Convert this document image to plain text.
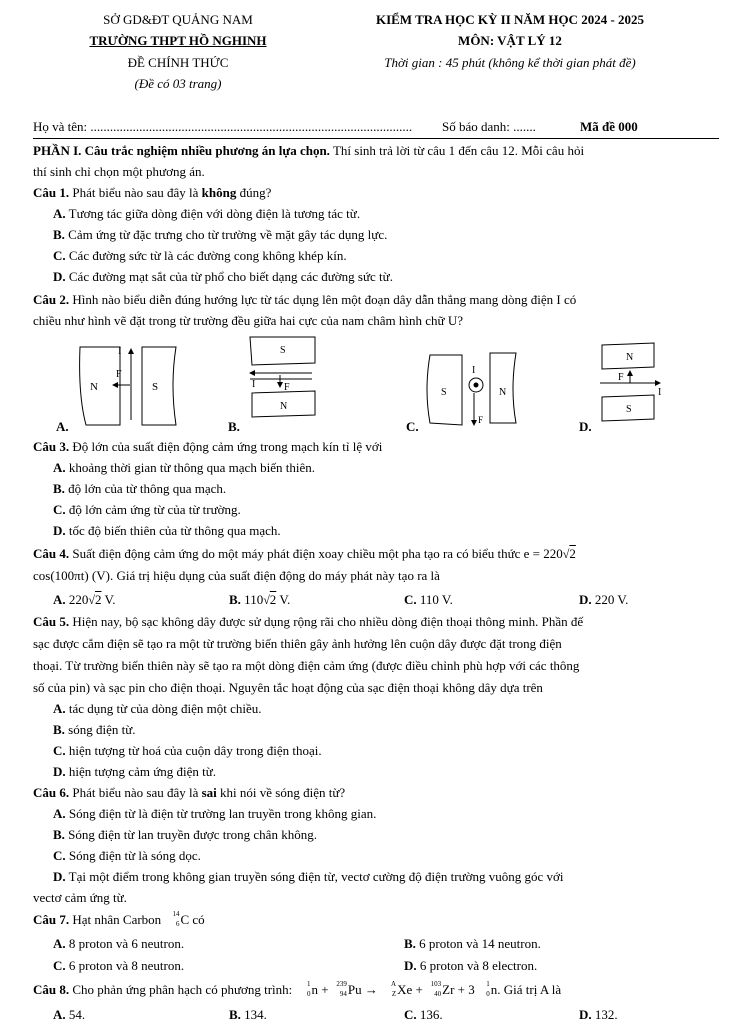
SỞ GD&ĐT QUẢNG NAM
TRƯỜNG THPT HỒ NGHINH
ĐỀ CHÍNH THỨC
(Đề có 03 trang)
KIỂM TRA HỌC KỲ II NĂM HỌC 2024 - 2025
MÔN: VẬT LÝ 12
Thời gian : 45 phút (không kể thời gian phát đề)
Họ và tên: ................................................................................................... Số báo danh: .......	Mã đề 000
PHẦN I. Câu trắc nghiệm nhiều phương án lựa chọn. Thí sinh trả lời từ câu 1 đến câu 12. Mỗi câu hỏi
thí sinh chỉ chọn một phương án.
Câu 1. Phát biểu nào sau đây là không đúng?
A. Tương tác giữa dòng điện với dòng điện là tương tác từ.
B. Cảm ứng từ đặc trưng cho từ trường về mặt gây tác dụng lực.
C. Các đường sức từ là các đường cong không khép kín.
D. Các đường mạt sắt của từ phổ cho biết dạng các đường sức từ.
Câu 2. Hình nào biểu diễn đúng hướng lực từ tác dụng lên một đoạn dây dẫn thẳng mang dòng điện I có
chiều như hình vẽ đặt trong từ trường đều giữa hai cực của nam châm hình chữ U?
N	S
I
F
A.
S
N
I	F
B.
S	N
I
F
C.
N
S
I
F
D.
Câu 3. Độ lớn của suất điện động cảm ứng trong mạch kín tỉ lệ với
A. khoảng thời gian từ thông qua mạch biến thiên.
B. độ lớn của từ thông qua mạch.
C. độ lớn cảm ứng từ của từ trường.
D. tốc độ biến thiên của từ thông qua mạch.
Câu 4. Suất điện động cảm ứng do một máy phát điện xoay chiều một pha tạo ra có biểu thức e = 220√2
cos(100πt) (V). Giá trị hiệu dụng của suất điện động do máy phát này tạo ra là
A. 220√2 V.	B. 110√2 V.	C. 110 V.	D. 220 V.
Câu 5. Hiện nay, bộ sạc không dây được sử dụng rộng rãi cho nhiều dòng điện thoại thông minh. Phần đế
sạc được cắm điện sẽ tạo ra một từ trường biến thiên gây ảnh hưởng lên cuộn dây được đặt trong điện
thoại. Từ trường biến thiên này sẽ tạo ra một dòng điện cảm ứng (được điều chỉnh phù hợp với các thông
số của pin) và sạc pin cho điện thoại. Nguyên tắc hoạt động của sạc điện thoại không dây dựa trên
A. tác dụng từ của dòng điện một chiều.
B. sóng điện từ.
C. hiện tượng từ hoá của cuộn dây trong điện thoại.
D. hiện tượng cảm ứng điện từ.
Câu 6. Phát biểu nào sau đây là sai khi nói về sóng điện từ?
A. Sóng điện từ là điện từ trường lan truyền trong không gian.
B. Sóng điện từ lan truyền được trong chân không.
C. Sóng điện từ là sóng dọc.
D. Tại một điểm trong không gian truyền sóng điện từ, vectơ cường độ điện trường vuông góc với
vectơ cảm ứng từ.
Câu 7. Hạt nhân Carbon 14
6 C có
A. 8 proton và 6 neutron.	B. 6 proton và 14 neutron.
C. 6 proton và 8 neutron.	D. 6 proton và 8 electron.
Câu 8. Cho phản ứng phân hạch có phương trình: 1
0 n + 239
94 Pu → A
Z Xe + 103
40 Zr + 3 1
0 n. Giá trị A là
A. 54.	B. 134.	C. 136.	D. 132.
